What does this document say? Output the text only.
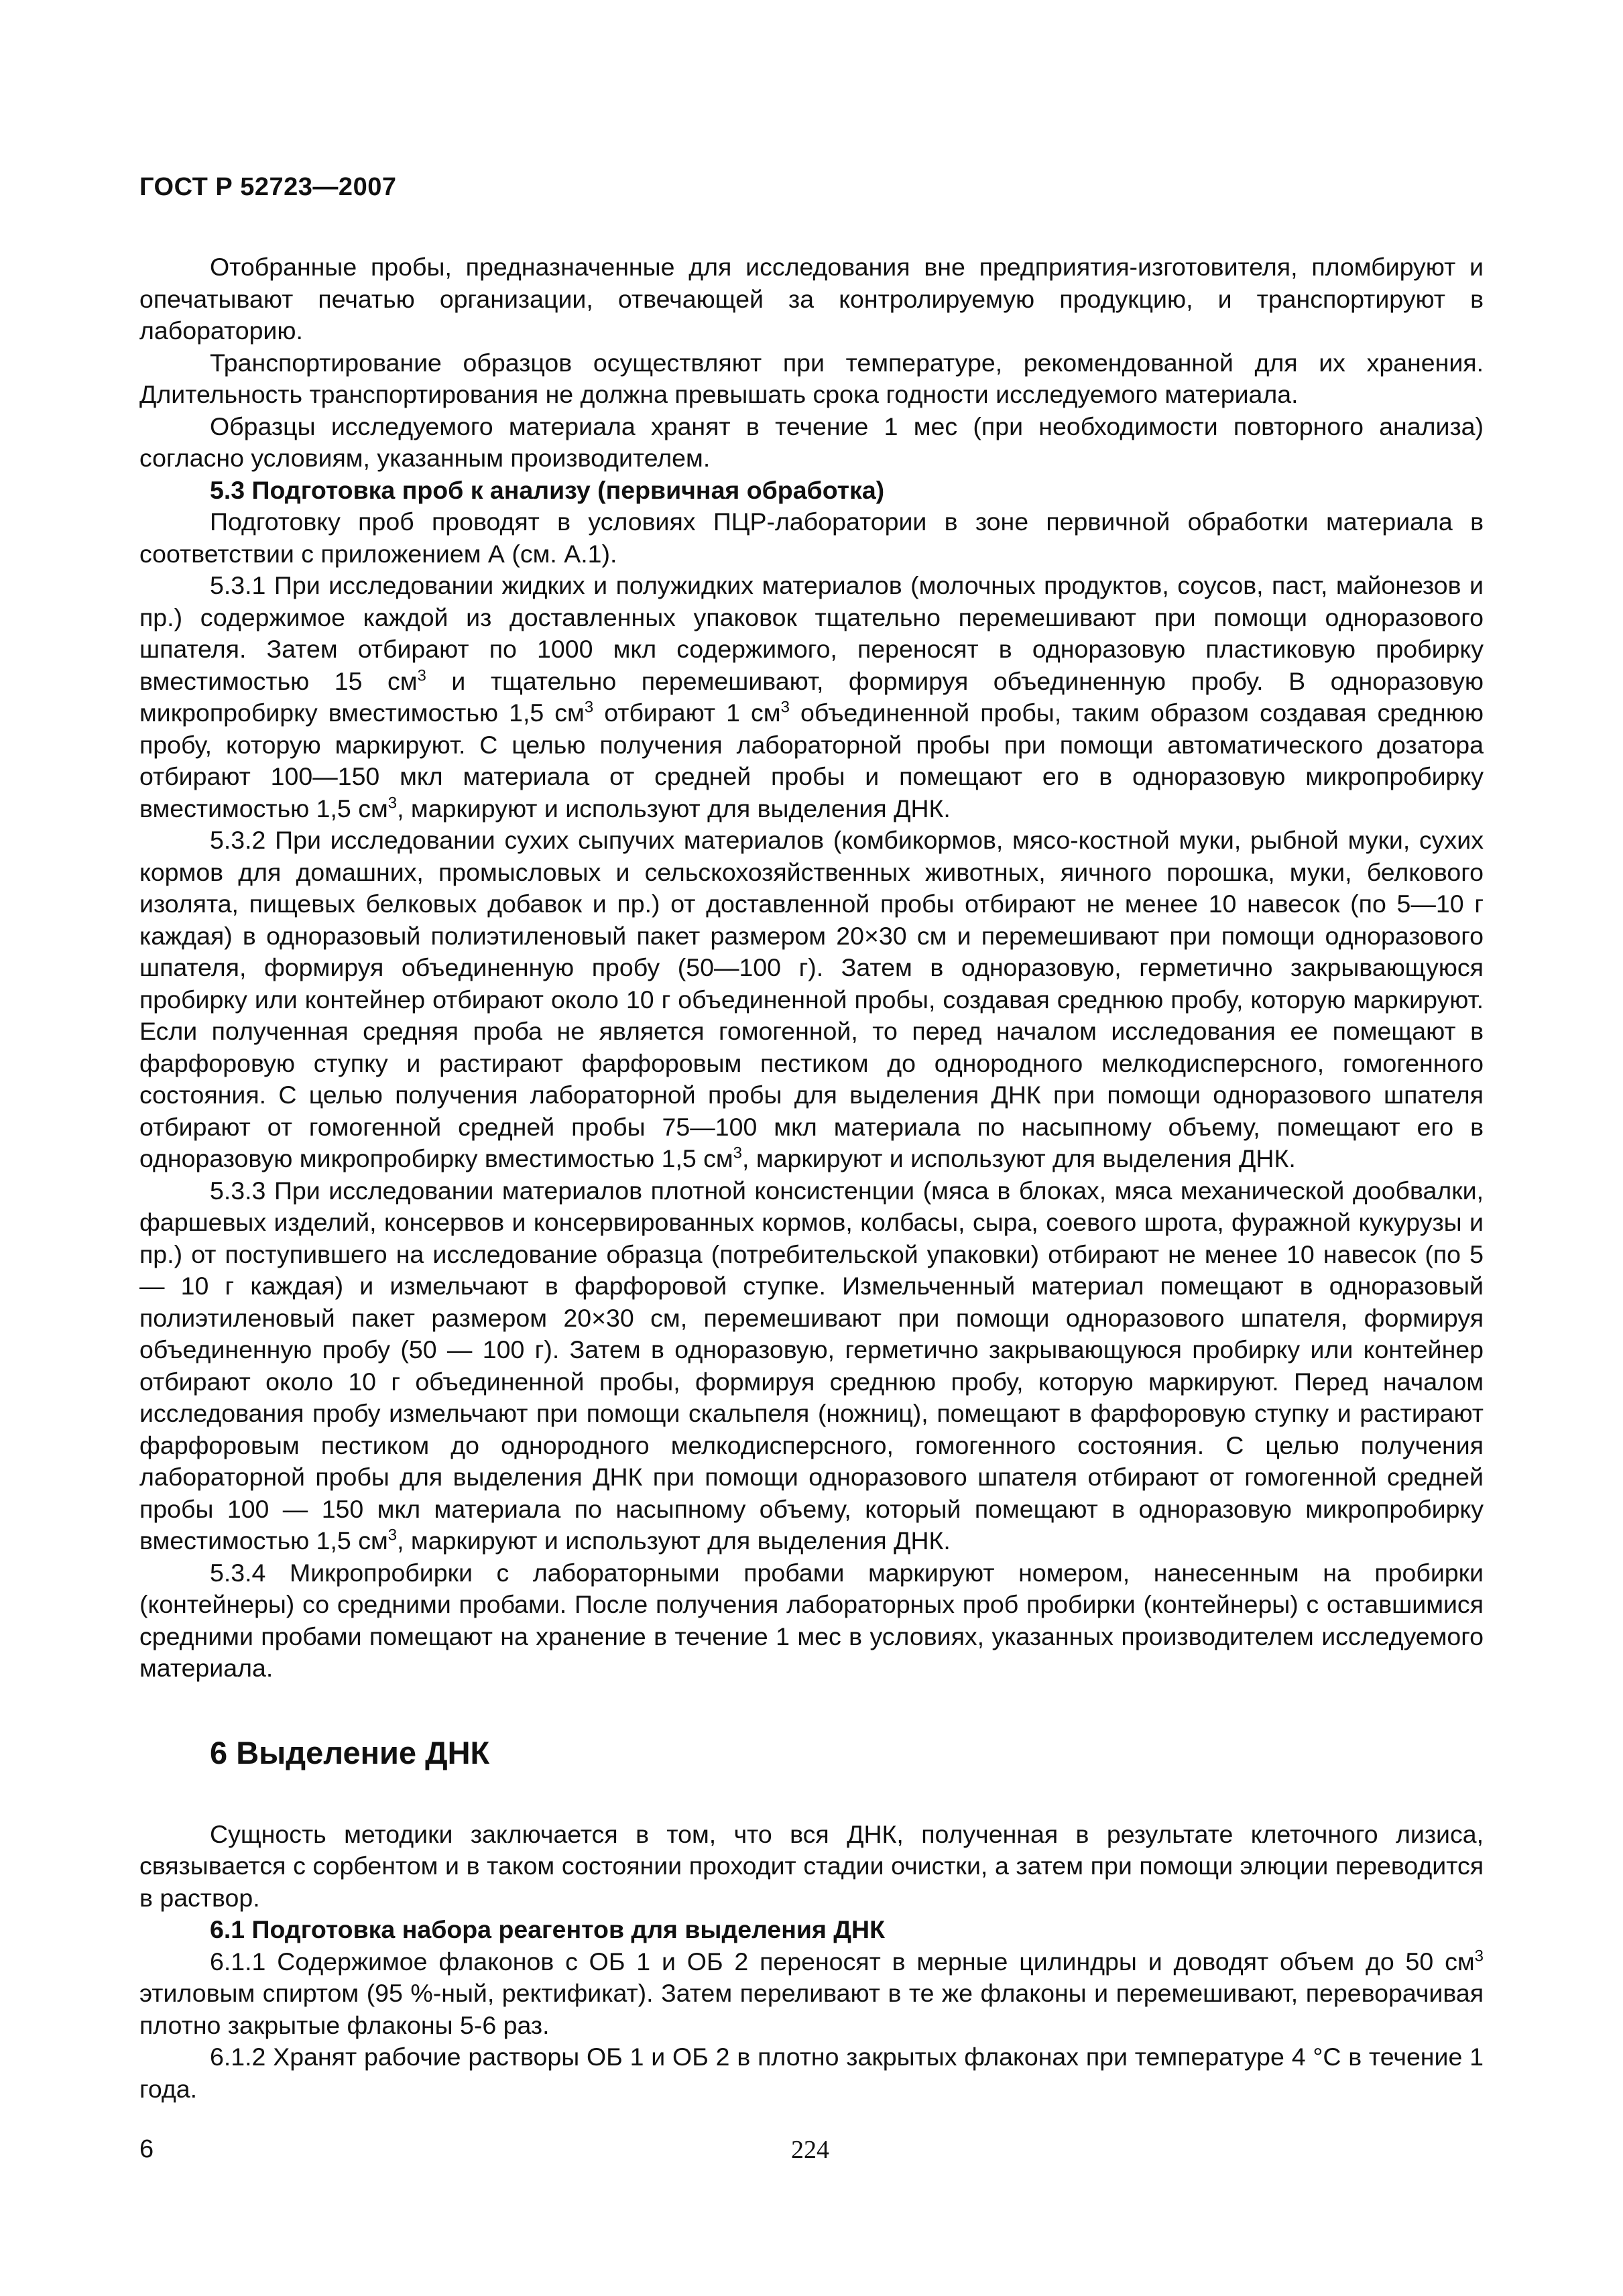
ГОСТ Р 52723—2007

Отобранные пробы, предназначенные для исследования вне предприятия-изготовителя, пломбируют и опечатывают печатью организации, отвечающей за контролируемую продукцию, и транспортируют в лабораторию.

Транспортирование образцов осуществляют при температуре, рекомендованной для их хранения. Длительность транспортирования не должна превышать срока годности исследуемого материала.

Образцы исследуемого материала хранят в течение 1 мес (при необходимости повторного анализа) согласно условиям, указанным производителем.

5.3 Подготовка проб к анализу (первичная обработка)

Подготовку проб проводят в условиях ПЦР-лаборатории в зоне первичной обработки материала в соответствии с приложением А (см. А.1).

5.3.1 При исследовании жидких и полужидких материалов (молочных продуктов, соусов, паст, майонезов и пр.) содержимое каждой из доставленных упаковок тщательно перемешивают при помощи одноразового шпателя. Затем отбирают по 1000 мкл содержимого, переносят в одноразовую пластиковую пробирку вместимостью 15 $см^3$ и тщательно перемешивают, формируя объединенную пробу. В одноразовую микропробирку вместимостью 1,5 $см^3$ отбирают 1 $см^3$ объединенной пробы, таким образом создавая среднюю пробу, которую маркируют. С целью получения лабораторной пробы при помощи автоматического дозатора отбирают 100—150 мкл материала от средней пробы и помещают его в одноразовую микропробирку вместимостью 1,5 $см^3$, маркируют и используют для выделения ДНК.

5.3.2 При исследовании сухих сыпучих материалов (комбикормов, мясо-костной муки, рыбной муки, сухих кормов для домашних, промысловых и сельскохозяйственных животных, яичного порошка, муки, белкового изолята, пищевых белковых добавок и пр.) от доставленной пробы отбирают не менее 10 навесок (по 5—10 г каждая) в одноразовый полиэтиленовый пакет размером 20×30 см и перемешивают при помощи одноразового шпателя, формируя объединенную пробу (50—100 г). Затем в одноразовую, герметично закрывающуюся пробирку или контейнер отбирают около 10 г объединенной пробы, создавая среднюю пробу, которую маркируют. Если полученная средняя проба не является гомогенной, то перед началом исследования ее помещают в фарфоровую ступку и растирают фарфоровым пестиком до однородного мелкодисперсного, гомогенного состояния. С целью получения лабораторной пробы для выделения ДНК при помощи одноразового шпателя отбирают от гомогенной средней пробы 75—100 мкл материала по насыпному объему, помещают его в одноразовую микропробирку вместимостью 1,5 $см^3$, маркируют и используют для выделения ДНК.

5.3.3 При исследовании материалов плотной консистенции (мяса в блоках, мяса механической дообвалки, фаршевых изделий, консервов и консервированных кормов, колбасы, сыра, соевого шрота, фуражной кукурузы и пр.) от поступившего на исследование образца (потребительской упаковки) отбирают не менее 10 навесок (по 5 — 10 г каждая) и измельчают в фарфоровой ступке. Измельченный материал помещают в одноразовый полиэтиленовый пакет размером 20×30 см, перемешивают при помощи одноразового шпателя, формируя объединенную пробу (50 — 100 г). Затем в одноразовую, герметично закрывающуюся пробирку или контейнер отбирают около 10 г объединенной пробы, формируя среднюю пробу, которую маркируют. Перед началом исследования пробу измельчают при помощи скальпеля (ножниц), помещают в фарфоровую ступку и растирают фарфоровым пестиком до однородного мелкодисперсного, гомогенного состояния. С целью получения лабораторной пробы для выделения ДНК при помощи одноразового шпателя отбирают от гомогенной средней пробы 100 — 150 мкл материала по насыпному объему, который помещают в одноразовую микропробирку вместимостью 1,5 $см^3$, маркируют и используют для выделения ДНК.

5.3.4 Микропробирки с лабораторными пробами маркируют номером, нанесенным на пробирки (контейнеры) со средними пробами. После получения лабораторных проб пробирки (контейнеры) с оставшимися средними пробами помещают на хранение в течение 1 мес в условиях, указанных производителем исследуемого материала.

6 Выделение ДНК

Сущность методики заключается в том, что вся ДНК, полученная в результате клеточного лизиса, связывается с сорбентом и в таком состоянии проходит стадии очистки, а затем при помощи элюции переводится в раствор.

6.1 Подготовка набора реагентов для выделения ДНК

6.1.1 Содержимое флаконов с ОБ 1 и ОБ 2 переносят в мерные цилиндры и доводят объем до 50 $см^3$ этиловым спиртом (95 %-ный, ректификат). Затем переливают в те же флаконы и перемешивают, переворачивая плотно закрытые флаконы 5-6 раз.

6.1.2 Хранят рабочие растворы ОБ 1 и ОБ 2 в плотно закрытых флаконах при температуре 4 °С в течение 1 года.

6	224
